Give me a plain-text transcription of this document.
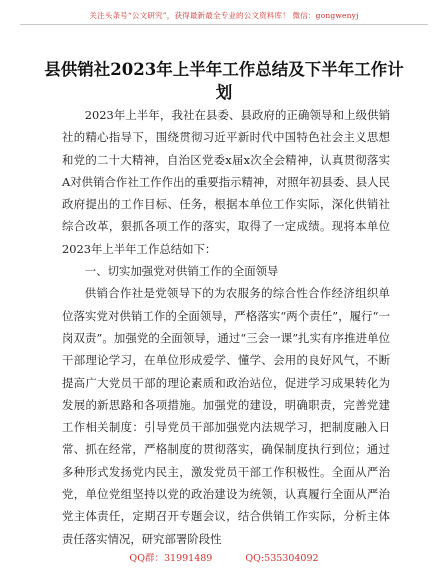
关注头条号“公文研究”，获得最新最全专业的公文资料库！ 微信：gongwenyj
县供销社2023年上半年工作总结及下半年工作计划

2023年上半年，我社在县委、县政府的正确领导和上级供销社的精心指导下，围绕贯彻习近平新时代中国特色社会主义思想和党的二十大精神，自治区党委x届x次全会精神，认真贯彻落实A对供销合作社工作作出的重要指示精神，对照年初县委、县人民政府提出的工作目标、任务，根据本单位工作实际，深化供销社综合改革，狠抓各项工作的落实，取得了一定成绩。现将本单位2023年上半年工作总结如下：

一、切实加强党对供销工作的全面领导

供销合作社是党领导下的为农服务的综合性合作经济组织单位落实党对供销工作的全面领导，严格落实“两个责任”，履行“一岗双责”。加强党的全面领导，通过“三会一课”扎实有序推进单位干部理论学习，在单位形成爱学、懂学、会用的良好风气，不断提高广大党员干部的理论素质和政治站位，促进学习成果转化为发展的新思路和各项措施。加强党的建设，明确职责，完善党建工作相关制度：引导党员干部加强党内法规学习，把制度融入日常、抓在经常，严格制度的贯彻落实，确保制度执行到位；通过多种形式发扬党内民主，激发党员干部工作积极性。全面从严治党，单位党组坚持以党的政治建设为统领，认真履行全面从严治党主体责任，定期召开专题会议，结合供销工作实际，分析主体责任落实情况，研究部署阶段性

QQ群：31991489	QQ:535304092
